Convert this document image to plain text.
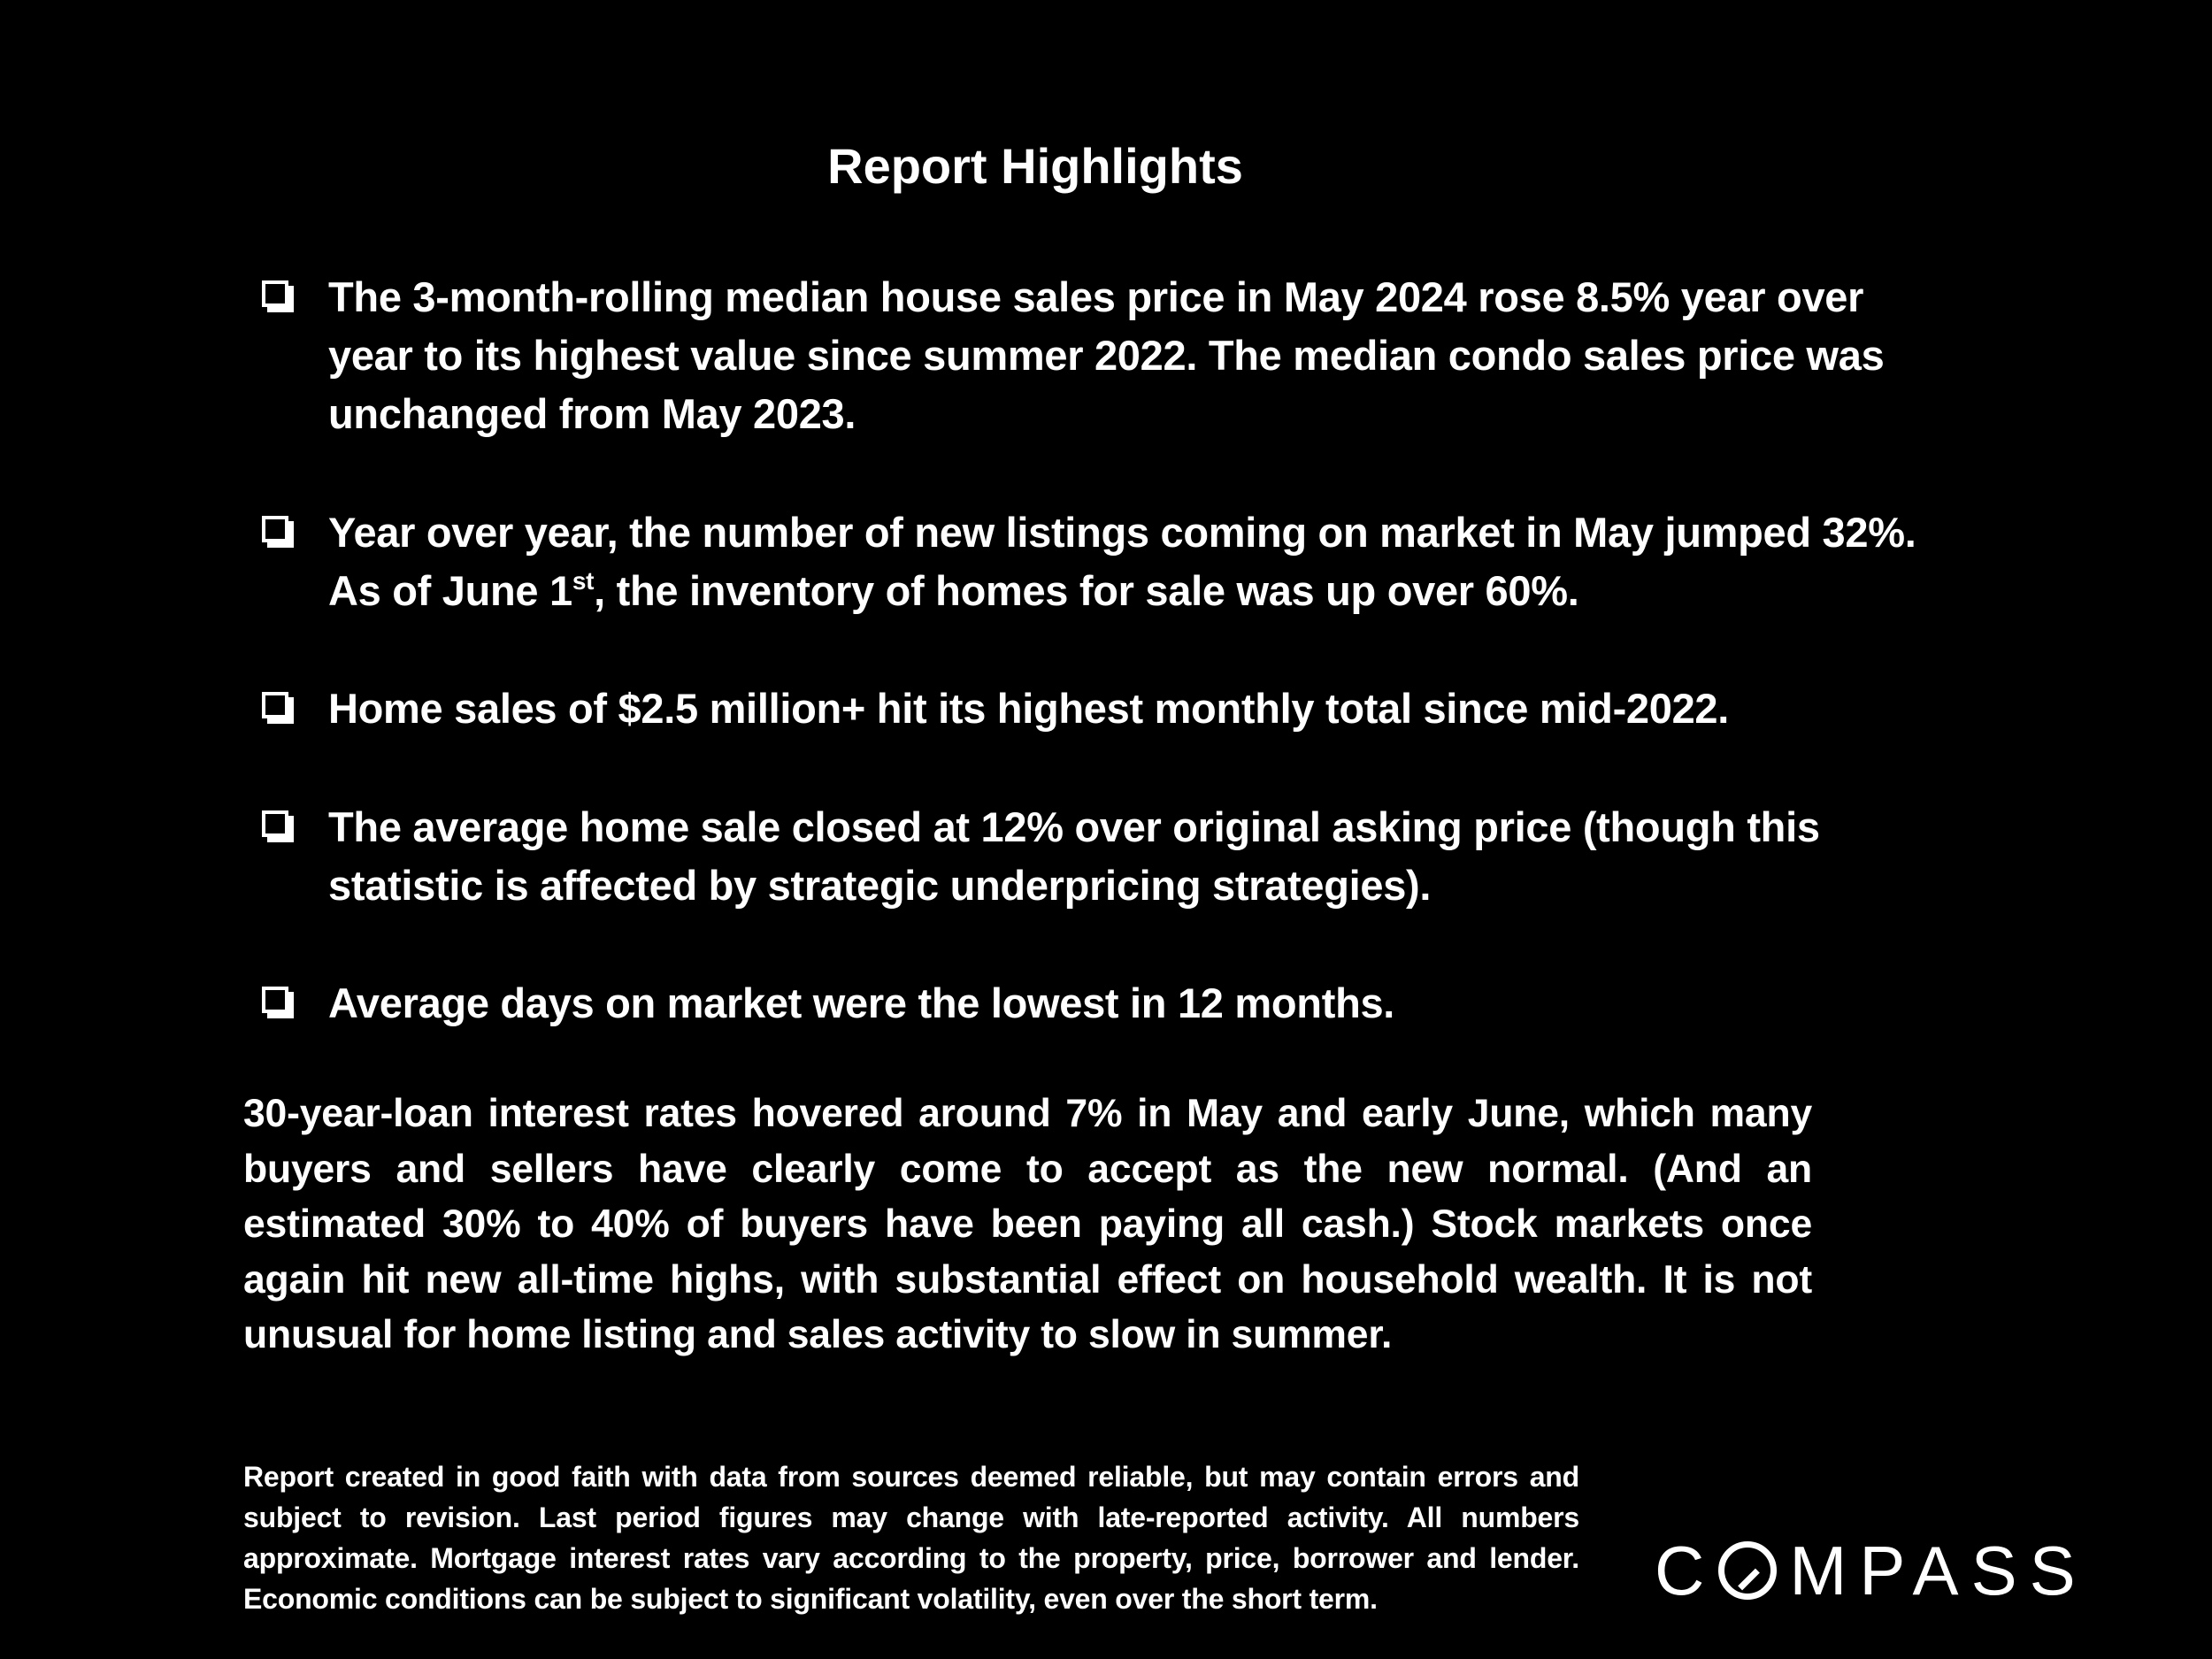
Report Highlights
The 3-month-rolling median house sales price in May 2024 rose 8.5% year over year to its highest value since summer 2022. The median condo sales price was unchanged from May 2023.
Year over year, the number of new listings coming on market in May jumped 32%. As of June 1st, the inventory of homes for sale was up over 60%.
Home sales of $2.5 million+ hit its highest monthly total since mid-2022.
The average home sale closed at 12% over original asking price (though this statistic is affected by strategic underpricing strategies).
Average days on market were the lowest in 12 months.
30-year-loan interest rates hovered around 7% in May and early June, which many buyers and sellers have clearly come to accept as the new normal. (And an estimated 30% to 40% of buyers have been paying all cash.) Stock markets once again hit new all-time highs, with substantial effect on household wealth. It is not unusual for home listing and sales activity to slow in summer.
Report created in good faith with data from sources deemed reliable, but may contain errors and subject to revision. Last period figures may change with late-reported activity. All numbers approximate. Mortgage interest rates vary according to the property, price, borrower and lender. Economic conditions can be subject to significant volatility, even over the short term.	C MPASS
